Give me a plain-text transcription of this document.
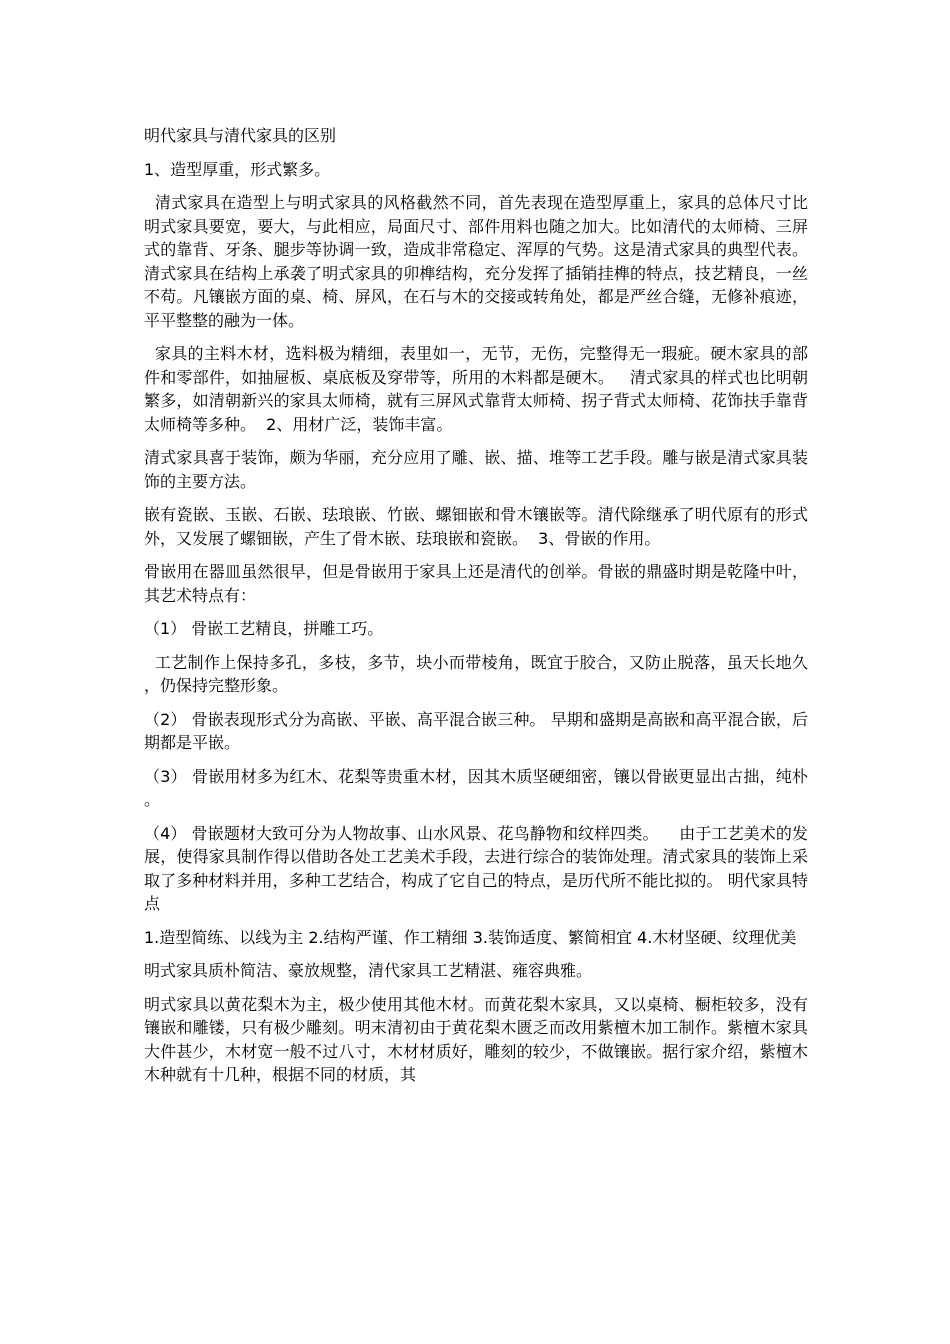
明代家具与清代家具的区别
1、造型厚重，形式繁多。
清式家具在造型上与明式家具的风格截然不同，首先表现在造型厚重上，家具的总体尺寸比明式家具要宽，要大，与此相应，局面尺寸、部件用料也随之加大。比如清代的太师椅、三屏式的靠背、牙条、腿步等协调一致，造成非常稳定、浑厚的气势。这是清式家具的典型代表。  清式家具在结构上承袭了明式家具的卯榫结构，充分发挥了插销挂榫的特点，技艺精良，一丝不苟。凡镶嵌方面的桌、椅、屏风，在石与木的交接或转角处，都是严丝合缝，无修补痕迹，平平整整的融为一体。
家具的主料木材，选料极为精细，表里如一，无节，无伤，完整得无一瑕疵。硬木家具的部件和零部件，如抽屉板、桌底板及穿带等，所用的木料都是硬木。   清式家具的样式也比明朝繁多，如清朝新兴的家具太师椅，就有三屏风式靠背太师椅、拐子背式太师椅、花饰扶手靠背太师椅等多种。  2、用材广泛，装饰丰富。
清式家具喜于装饰，颇为华丽，充分应用了雕、嵌、描、堆等工艺手段。雕与嵌是清式家具装饰的主要方法。
嵌有瓷嵌、玉嵌、石嵌、珐琅嵌、竹嵌、螺钿嵌和骨木镶嵌等。清代除继承了明代原有的形式外，又发展了螺钿嵌，产生了骨木嵌、珐琅嵌和瓷嵌。  3、骨嵌的作用。
骨嵌用在器皿虽然很早，但是骨嵌用于家具上还是清代的创举。骨嵌的鼎盛时期是乾隆中叶，其艺术特点有：
（1） 骨嵌工艺精良，拼雕工巧。
工艺制作上保持多孔，多枝，多节，块小而带棱角，既宜于胶合，又防止脱落，虽天长地久，仍保持完整形象。
（2） 骨嵌表现形式分为高嵌、平嵌、高平混合嵌三种。 早期和盛期是高嵌和高平混合嵌，后期都是平嵌。
（3） 骨嵌用材多为红木、花梨等贵重木材，因其木质坚硬细密，镶以骨嵌更显出古拙，纯朴。
（4） 骨嵌题材大致可分为人物故事、山水风景、花鸟静物和纹样四类。    由于工艺美术的发展，使得家具制作得以借助各处工艺美术手段，去进行综合的装饰处理。清式家具的装饰上采取了多种材料并用，多种工艺结合，构成了它自己的特点，是历代所不能比拟的。 明代家具特点
1.造型简练、以线为主 2.结构严谨、作工精细 3.装饰适度、繁简相宜 4.木材坚硬、纹理优美
明式家具质朴简洁、豪放规整，清代家具工艺精湛、雍容典雅。
明式家具以黄花梨木为主，极少使用其他木材。而黄花梨木家具，又以桌椅、橱柜较多，没有镶嵌和雕镂，只有极少雕刻。明末清初由于黄花梨木匮乏而改用紫檀木加工制作。紫檀木家具大件甚少，木材宽一般不过八寸，木材材质好，雕刻的较少，不做镶嵌。据行家介绍，紫檀木木种就有十几种，根据不同的材质，其
